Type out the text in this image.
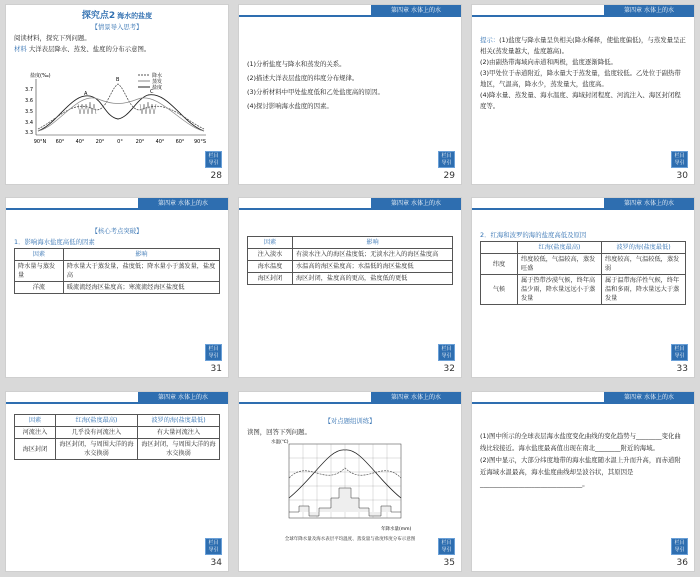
探究点2 海水的盐度
【情景导入思考】
阅读材料，探究下列问题。
材料 大洋表层降水、蒸发、盐度的分布示意图。
盐度(‰)
3.7
3.6
3.5
3.4
3.3
A
B
C
降水
蒸发
盐度
90°N 60° 40° 20°	0°	20° 40° 60° 90°S
栏目
导引
28
第四章 水体上的水
(1)分析盐度与降水和蒸发的关系。
(2)描述大洋表层盐度的纬度分布规律。
(3)分析材料中甲处盐度低和乙处盐度高的原因。
(4)探讨影响海水盐度的因素。
栏目
导引
29
第四章 水体上的水
提示：(1)盐度与降水量呈负相关(降水稀释，使盐度偏低)，与蒸发量呈正相关(蒸发量越大，盐度越高)。
(2)由副热带海域向赤道和两极，盐度逐渐降低。
(3)甲处位于赤道附近，降水量大于蒸发量，盐度较低。乙处位于副热带地区，气温高，降水少，蒸发量大，盐度高。
(4)降水量、蒸发量、海水温度、海域封闭程度、河流注入、海区封闭程度等。
栏目
导引
30
第四章 水体上的水
【核心考点突破】
1．影响海水盐度高低的因素
因素	影响
降水量与蒸发量	降水量大于蒸发量，盐度低；降水量小于蒸发量，盐度高
洋流	暖流流经海区盐度高；寒流流经海区盐度低
栏目
导引
31
第四章 水体上的水
因素	影响
注入淡水	有淡水注入的海区盐度低；无淡水注入的海区盐度高
海水温度	水温高的海区盐度高；水温低的海区盐度低
海区封闭	海区封闭，盐度高的更高，盐度低的更低
栏目
导引
32
第四章 水体上的水
2．红海和波罗的海的盐度高低及原因
	红海(盐度最高)	波罗的海(盐度最低)
纬度	纬度较低，气温较高，蒸发旺盛	纬度较高，气温较低，蒸发弱
气候	属于热带沙漠气候，终年高温少雨，降水量远远小于蒸发量	属于温带海洋性气候，终年温和多雨，降水量远大于蒸发量
栏目
导引
33
第四章 水体上的水
因素	红海(盐度最高)	波罗的海(盐度最低)
河流注入	几乎没有河流注入	有大量河流注入
海区封闭	海区封闭，与周围大洋的海水交换弱	海区封闭，与周围大洋的海水交换弱
栏目
导引
34
第四章 水体上的水
【对点题组训练】
读图，回答下列问题。
水温(℃)
年降水量(mm)
全球年降水量及海水表层平均温度、蒸发量与盐度纬度分布示意图
栏目
导引
35
第四章 水体上的水
(1)图中所示的全球表层海水盐度变化曲线的变化趋势与________变化曲线比较接近。海水盐度最高值出现在南北________附近的海域。
(2)图中显示，大部分纬度地带的海水盐度随水温上升而升高，而赤道附近海域水温最高，海水盐度曲线却呈波谷状，其原因是________________________________。
栏目
导引
36
